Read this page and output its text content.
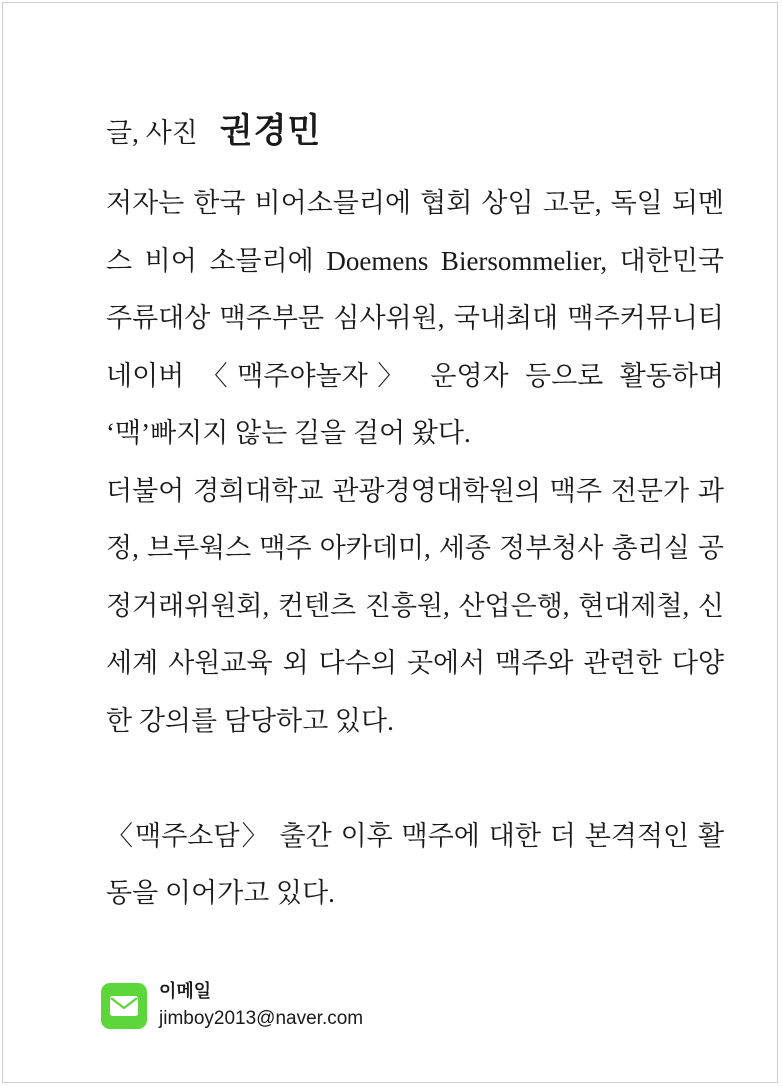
글, 사진 권경민

저자는 한국 비어소믈리에 협회 상임 고문, 독일 되멘스 비어 소믈리에 Doemens Biersommelier, 대한민국 주류대상 맥주부문 심사위원, 국내최대 맥주커뮤니티 네이버 〈맥주야놀자〉 운영자 등으로 활동하며 ‘맥’빠지지 않는 길을 걸어 왔다.

더불어 경희대학교 관광경영대학원의 맥주 전문가 과정, 브루웍스 맥주 아카데미, 세종 정부청사 총리실 공정거래위원회, 컨텐츠 진흥원, 산업은행, 현대제철, 신세계 사원교육 외 다수의 곳에서 맥주와 관련한 다양한 강의를 담당하고 있다.

〈맥주소담〉 출간 이후 맥주에 대한 더 본격적인 활동을 이어가고 있다.

이메일
jimboy2013@naver.com
